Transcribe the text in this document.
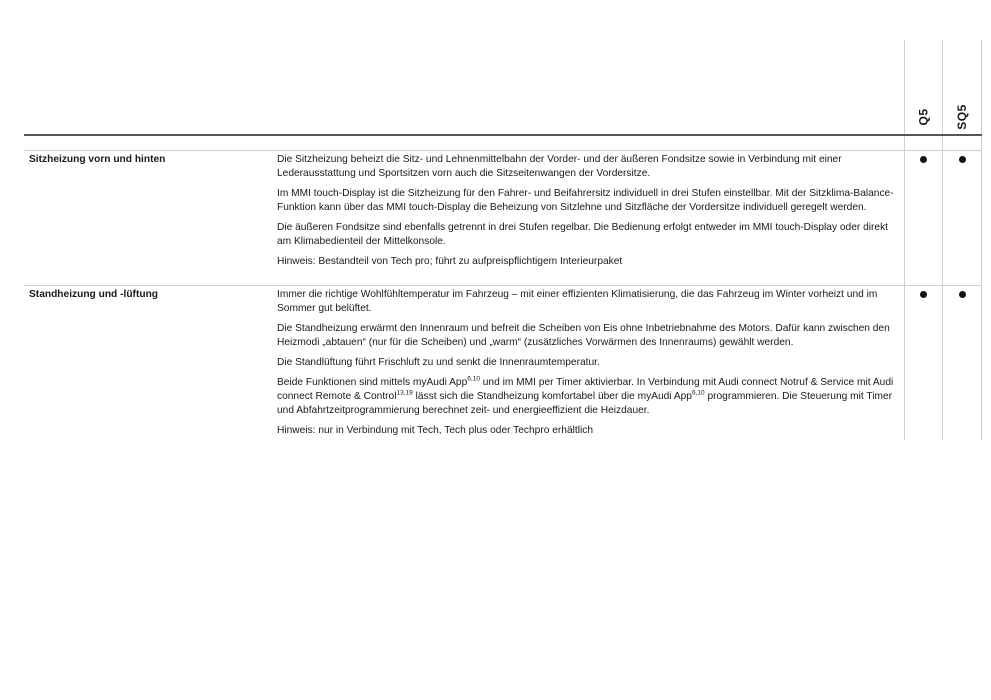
Q5 SQ5
Sitzheizung vorn und hinten	Die Sitzheizung beheizt die Sitz- und Lehnenmittelbahn der Vorder- und der äußeren Fondsitze sowie in Verbindung mit einer Lederausstattung und Sportsitzen vorn auch die Sitzseitenwangen der Vordersitze.

Im MMI touch-Display ist die Sitzheizung für den Fahrer- und Beifahrersitz individuell in drei Stufen einstellbar. Mit der Sitzklima-Balance-Funktion kann über das MMI touch-Display die Beheizung von Sitzlehne und Sitzfläche der Vordersitze individuell geregelt werden.

Die äußeren Fondsitze sind ebenfalls getrennt in drei Stufen regelbar. Die Bedienung erfolgt entweder im MMI touch-Display oder direkt am Klimabedienteil der Mittelkonsole.

Hinweis: Bestandteil von Tech pro; führt zu aufpreispflichtigem Interieurpaket

Standheizung und -lüftung	Immer die richtige Wohlfühltemperatur im Fahrzeug – mit einer effizienten Klimatisierung, die das Fahrzeug im Winter vorheizt und im Sommer gut belüftet.

Die Standheizung erwärmt den Innenraum und befreit die Scheiben von Eis ohne Inbetriebnahme des Motors. Dafür kann zwischen den Heizmodi „abtauen“ (nur für die Scheiben) und „warm“ (zusätzliches Vorwärmen des Innenraums) gewählt werden.

Die Standlüftung führt Frischluft zu und senkt die Innenraumtemperatur.

Beide Funktionen sind mittels myAudi App$^{6,10}$ und im MMI per Timer aktivierbar. In Verbindung mit Audi connect Notruf & Service mit Audi connect Remote & Control$^{13,19}$ lässt sich die Standheizung komfortabel über die myAudi App$^{6,10}$ programmieren. Die Steuerung mit Timer und Abfahrtzeitprogrammierung berechnet zeit- und energieeffizient die Heizdauer.

Hinweis: nur in Verbindung mit Tech, Tech plus oder Techpro erhältlich
